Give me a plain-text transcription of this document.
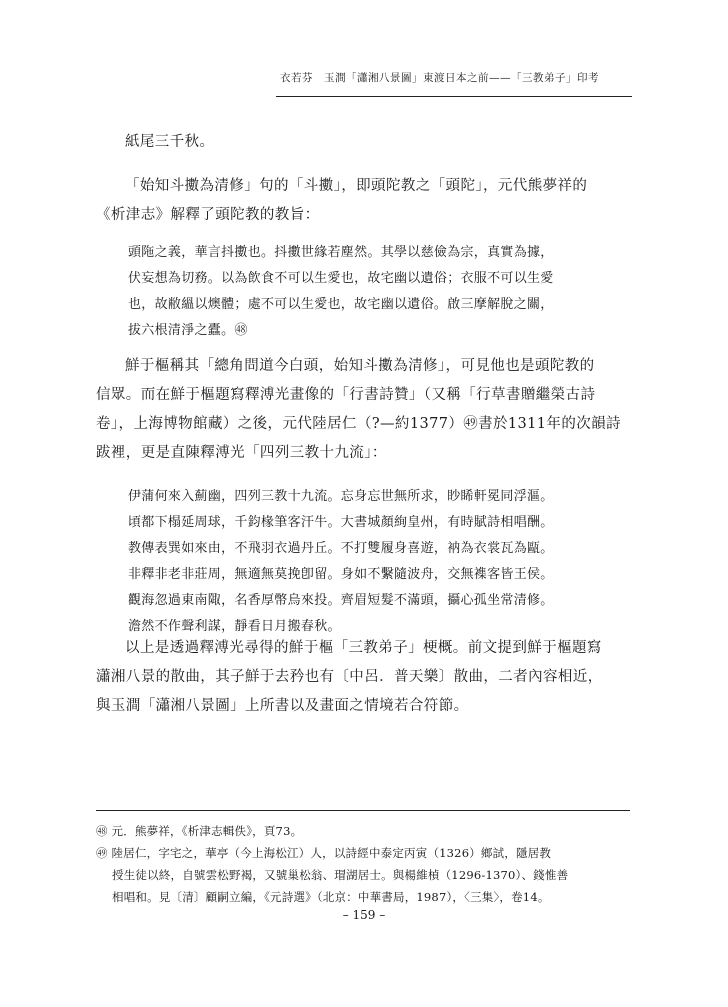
衣若芬　玉澗「瀟湘八景圖」東渡日本之前——「三教弟子」印考
紙尾三千秋。
「始知斗擻為清修」句的「斗擻」，即頭陀教之「頭陀」，元代熊夢祥的
《析津志》解釋了頭陀教的教旨：
頭陁之義，華言抖擻也。抖擻世緣若塵然。其學以慈儉為宗，真實為據，
伏妄想為切務。以為飲食不可以生愛也，故宅幽以遺俗；衣服不可以生愛
也，故敝縕以燠體；處不可以生愛也，故宅幽以遺俗。啟三摩解脫之關，
拔六根清淨之蠹。㊽
鮮于樞稱其「總角問道今白頭，始知斗擻為清修」，可見他也是頭陀教的
信眾。而在鮮于樞題寫釋溥光畫像的「行書詩贊」（又稱「行草書贈繼榮古詩
卷」，上海博物館藏）之後，元代陸居仁（?—約1377）㊾書於1311年的次韻詩
跋裡，更是直陳釋溥光「四列三教十九流」：
伊蒲何來入薊幽，四列三教十九流。忘身忘世無所求，眇睎軒冕同浮漚。
頃都下榻延周球，千鈞椽筆客汗牛。大書城顏絢皇州，有時賦詩相唱酬。
教傳表巽如來由，不飛羽衣過丹丘。不打雙履身喜遊，衲為衣裳瓦為甌。
非釋非老非莊周，無適無莫挽卽留。身如不繫隨波舟，交無襍客皆王侯。
觀海忽過東南陬，名香厚幣烏來投。齊眉短髮不滿頭，攝心孤坐常清修。
澹然不作聲利謀，靜看日月搬春秋。
以上是透過釋溥光尋得的鮮于樞「三教弟子」梗概。前文提到鮮于樞題寫
瀟湘八景的散曲，其子鮮于去矜也有〔中呂．普天樂〕散曲，二者內容相近，
與玉澗「瀟湘八景圖」上所書以及畫面之情境若合符節。
㊽ 元．熊夢祥，《析津志輯佚》，頁73。
㊾ 陸居仁，字宅之，華亭（今上海松江）人，以詩經中泰定丙寅（1326）鄉試，隱居教
授生徒以終，自號雲松野褐，又號巢松翁、瑁湖居士。與楊維楨（1296-1370）、錢惟善
相唱和。見〔清〕顧嗣立編，《元詩選》（北京：中華書局，1987），〈三集〉，卷14。
– 159 –
